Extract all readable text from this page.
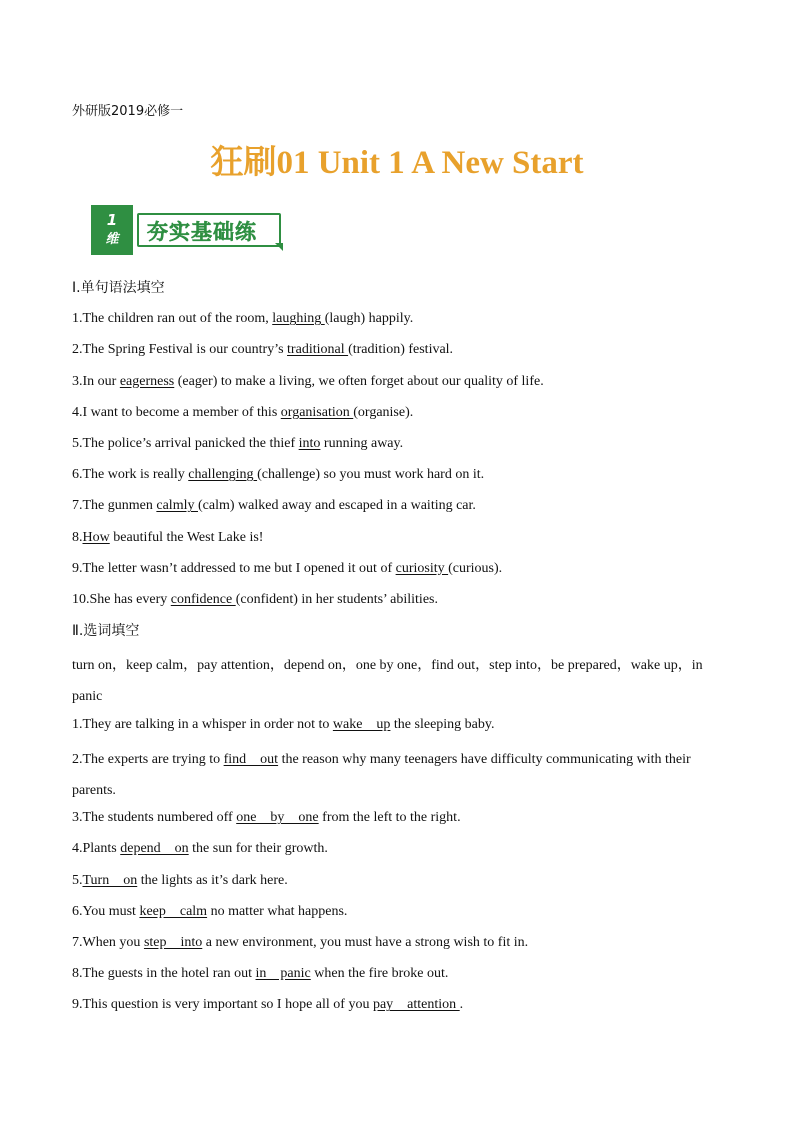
外研版2019必修一
狂刷01 Unit 1 A New Start
1
维 夯实基础练
Ⅰ.单句语法填空
1.The children ran out of the room, laughing (laugh) happily.
2.The Spring Festival is our country’s traditional (tradition) festival.
3.In our eagerness (eager) to make a living, we often forget about our quality of life.
4.I want to become a member of this organisation (organise).
5.The police’s arrival panicked the thief into running away.
6.The work is really challenging (challenge) so you must work hard on it.
7.The gunmen calmly (calm) walked away and escaped in a waiting car.
8.How beautiful the West Lake is!
9.The letter wasn’t addressed to me but I opened it out of curiosity (curious).
10.She has every confidence (confident) in her students’ abilities.
Ⅱ.选词填空
turn on，keep calm，pay attention，depend on，one by one，find out，step into，be prepared，wake up，in panic
1.They are talking in a whisper in order not to wake    up the sleeping baby.
2.The experts are trying to find    out the reason why many teenagers have difficulty communicating with their parents.
3.The students numbered off one    by    one from the left to the right.
4.Plants depend    on the sun for their growth.
5.Turn    on the lights as it’s dark here.
6.You must keep    calm no matter what happens.
7.When you step    into a new environment, you must have a strong wish to fit in.
8.The guests in the hotel ran out in    panic when the fire broke out.
9.This question is very important so I hope all of you pay    attention .
